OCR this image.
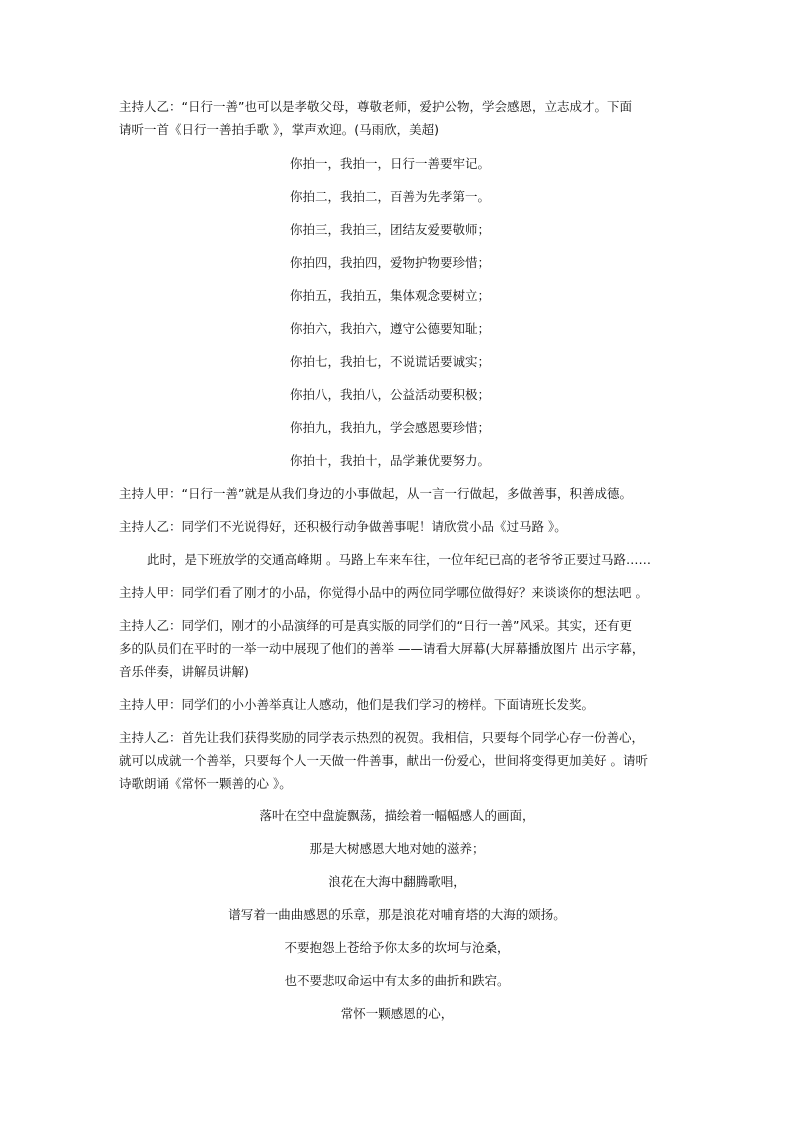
主持人乙：“日行一善”也可以是孝敬父母，尊敬老师，爱护公物，学会感恩，立志成才。下面
请听一首《日行一善拍手歌 》，掌声欢迎。(马雨欣，美超)
你拍一，我拍一，日行一善要牢记。
你拍二，我拍二，百善为先孝第一。
你拍三，我拍三，团结友爱要敬师；
你拍四，我拍四，爱物护物要珍惜；
你拍五，我拍五，集体观念要树立；
你拍六，我拍六，遵守公德要知耻；
你拍七，我拍七，不说谎话要诚实；
你拍八，我拍八，公益活动要积极；
你拍九，我拍九，学会感恩要珍惜；
你拍十，我拍十，品学兼优要努力。
主持人甲：“日行一善”就是从我们身边的小事做起，从一言一行做起，多做善事，积善成德。
主持人乙：同学们不光说得好，还积极行动争做善事呢！请欣赏小品《过马路 》。
此时，是下班放学的交通高峰期 。马路上车来车往，一位年纪已高的老爷爷正要过马路……
主持人甲：同学们看了刚才的小品，你觉得小品中的两位同学哪位做得好？来谈谈你的想法吧 。
主持人乙：同学们，刚才的小品演绎的可是真实版的同学们的“日行一善”风采。其实，还有更
多的队员们在平时的一举一动中展现了他们的善举 ——请看大屏幕(大屏幕播放图片 出示字幕，
音乐伴奏，讲解员讲解)
主持人甲：同学们的小小善举真让人感动，他们是我们学习的榜样。下面请班长发奖。
主持人乙：首先让我们获得奖励的同学表示热烈的祝贺。我相信，只要每个同学心存一份善心，
就可以成就一个善举，只要每个人一天做一件善事，献出一份爱心，世间将变得更加美好 。请听
诗歌朗诵《常怀一颗善的心 》。
落叶在空中盘旋飘荡，描绘着一幅幅感人的画面，
那是大树感恩大地对她的滋养；
浪花在大海中翻腾歌唱，
谱写着一曲曲感恩的乐章，那是浪花对哺育塔的大海的颂扬。
不要抱怨上苍给予你太多的坎坷与沧桑，
也不要悲叹命运中有太多的曲折和跌宕。
常怀一颗感恩的心，
